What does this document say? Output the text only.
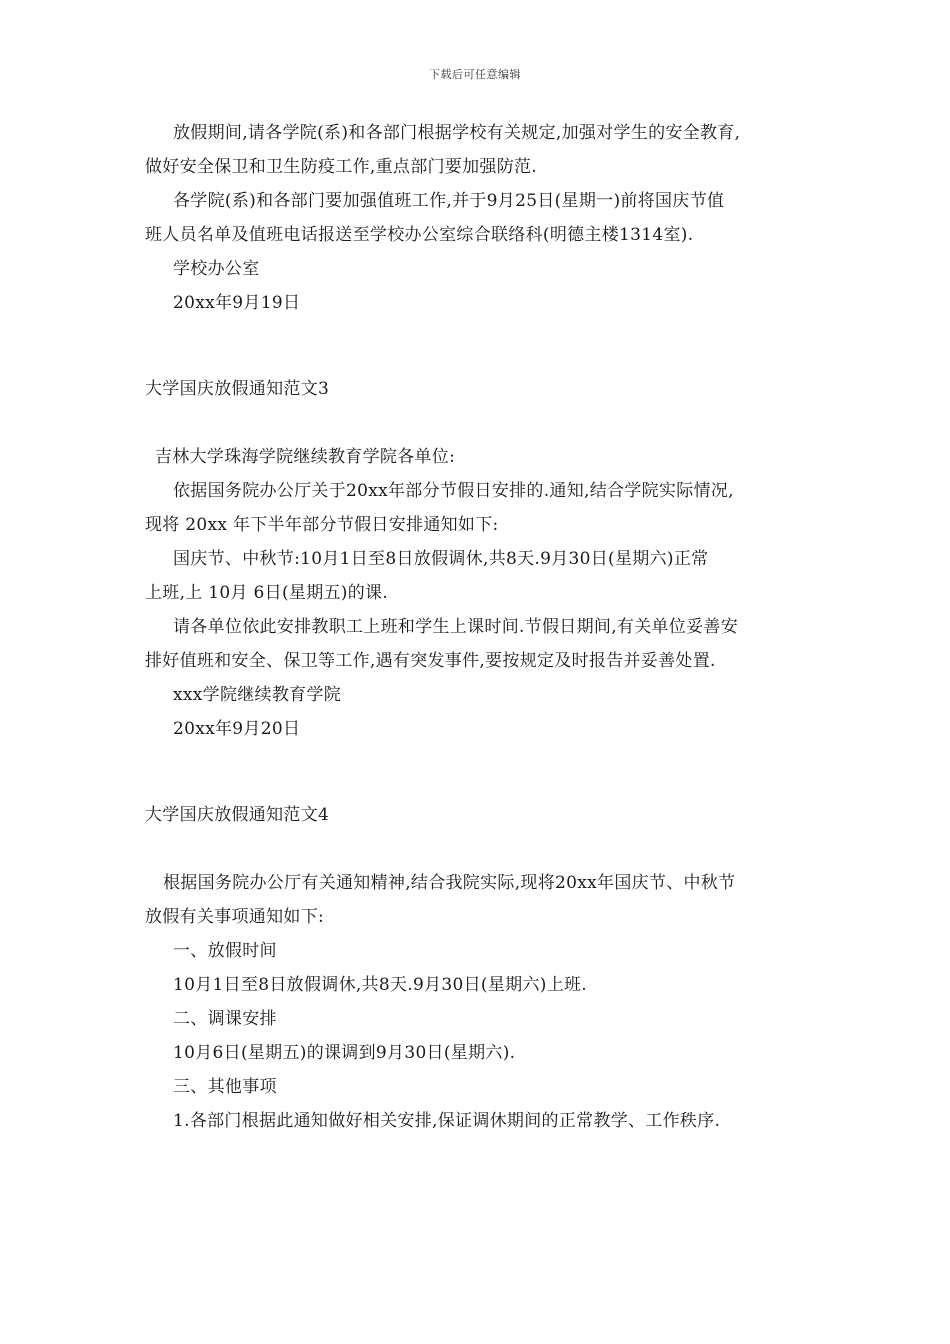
下载后可任意编辑
放假期间,请各学院(系)和各部门根据学校有关规定,加强对学生的安全教育,
做好安全保卫和卫生防疫工作,重点部门要加强防范.
各学院(系)和各部门要加强值班工作,并于9月25日(星期一)前将国庆节值
班人员名单及值班电话报送至学校办公室综合联络科(明德主楼1314室).
学校办公室
20xx年9月19日
大学国庆放假通知范文3
吉林大学珠海学院继续教育学院各单位:
依据国务院办公厅关于20xx年部分节假日安排的.通知,结合学院实际情况,
现将 20xx 年下半年部分节假日安排通知如下:
国庆节、中秋节:10月1日至8日放假调休,共8天.9月30日(星期六)正常
上班,上 10月 6日(星期五)的课.
请各单位依此安排教职工上班和学生上课时间.节假日期间,有关单位妥善安
排好值班和安全、保卫等工作,遇有突发事件,要按规定及时报告并妥善处置.
xxx学院继续教育学院
20xx年9月20日
大学国庆放假通知范文4
根据国务院办公厅有关通知精神,结合我院实际,现将20xx年国庆节、中秋节
放假有关事项通知如下:
一、放假时间
10月1日至8日放假调休,共8天.9月30日(星期六)上班.
二、调课安排
10月6日(星期五)的课调到9月30日(星期六).
三、其他事项
1.各部门根据此通知做好相关安排,保证调休期间的正常教学、工作秩序.
